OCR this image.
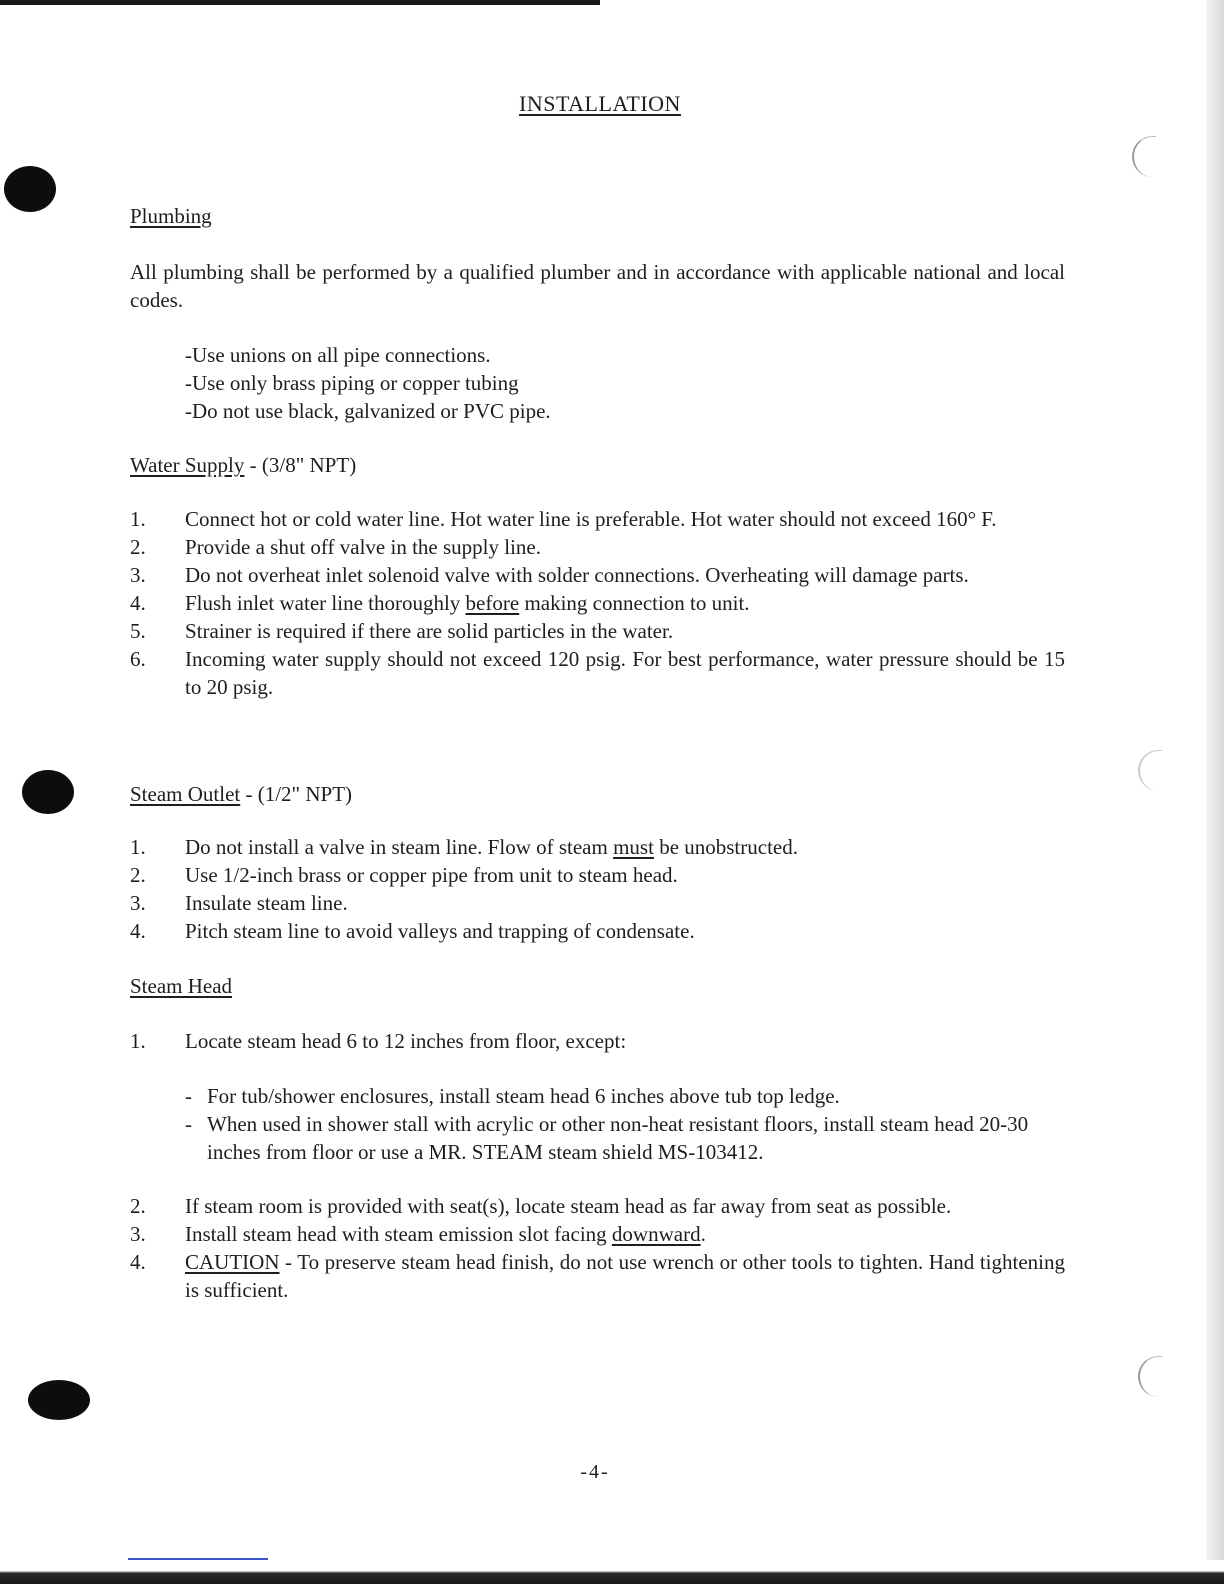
INSTALLATION
Plumbing
All plumbing shall be performed by a qualified plumber and in accordance with applicable national and local codes.
-Use unions on all pipe connections.
-Use only brass piping or copper tubing
-Do not use black, galvanized or PVC pipe.
Water Supply - (3/8" NPT)
1.	Connect hot or cold water line. Hot water line is preferable. Hot water should not exceed 160° F.
2.	Provide a shut off valve in the supply line.
3.	Do not overheat inlet solenoid valve with solder connections. Overheating will damage parts.
4.	Flush inlet water line thoroughly before making connection to unit.
5.	Strainer is required if there are solid particles in the water.
6.	Incoming water supply should not exceed 120 psig. For best performance, water pressure should be 15 to 20 psig.
Steam Outlet - (1/2" NPT)
1.	Do not install a valve in steam line. Flow of steam must be unobstructed.
2.	Use 1/2-inch brass or copper pipe from unit to steam head.
3.	Insulate steam line.
4.	Pitch steam line to avoid valleys and trapping of condensate.
Steam Head
1.	Locate steam head 6 to 12 inches from floor, except:
- For tub/shower enclosures, install steam head 6 inches above tub top ledge.
- When used in shower stall with acrylic or other non-heat resistant floors, install steam head 20-30 inches from floor or use a MR. STEAM steam shield MS-103412.
2.	If steam room is provided with seat(s), locate steam head as far away from seat as possible.
3.	Install steam head with steam emission slot facing downward.
4.	CAUTION - To preserve steam head finish, do not use wrench or other tools to tighten. Hand tightening is sufficient.
-4-
